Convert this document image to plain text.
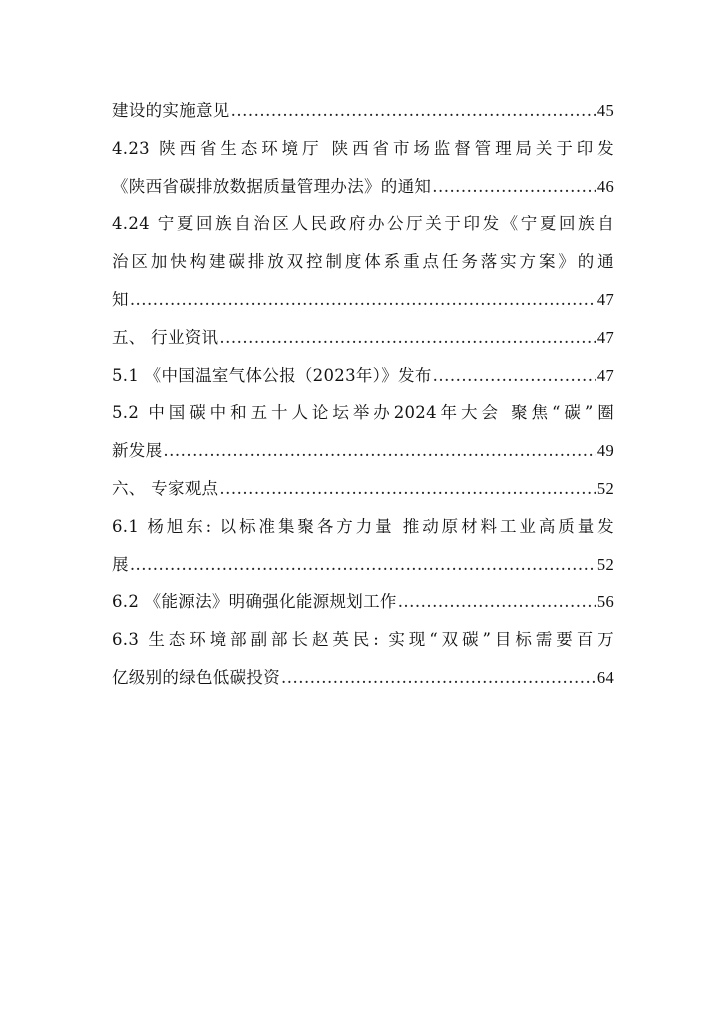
建设的实施意见 .....	45
4.23 陕西省生态环境厅 陕西省市场监督管理局关于印发
《陕西省碳排放数据质量管理办法》的通知 .....	46
4.24 宁夏回族自治区人民政府办公厅关于印发《宁夏回族自
治区加快构建碳排放双控制度体系重点任务落实方案》的通
知 .....	47
五、 行业资讯 .....	47
5.1 《中国温室气体公报（2023年）》发布 .....	47
5.2 中国碳中和五十人论坛举办2024年大会 聚焦“碳”圈
新发展 .....	49
六、 专家观点 .....	52
6.1 杨旭东: 以标准集聚各方力量 推动原材料工业高质量发
展 .....	52
6.2 《能源法》明确强化能源规划工作 .....	56
6.3 生态环境部副部长赵英民: 实现“双碳”目标需要百万
亿级别的绿色低碳投资 .....	64
